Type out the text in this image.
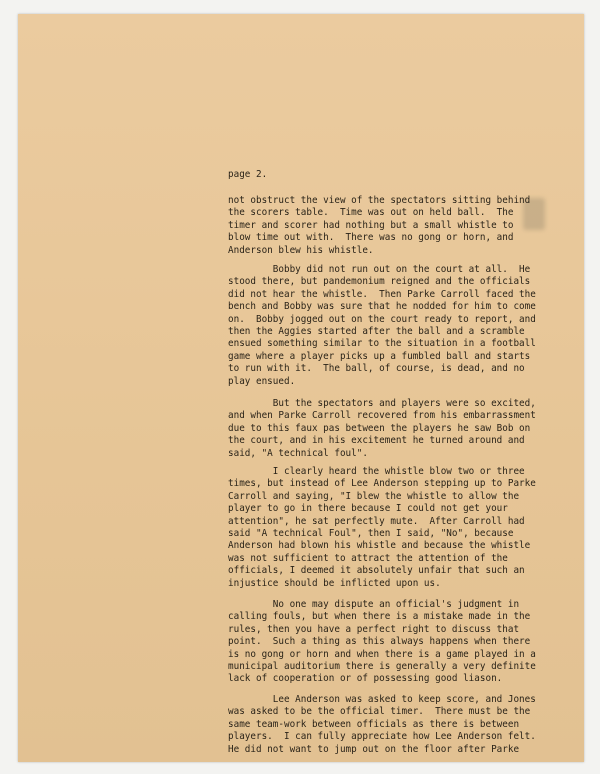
page 2.
not obstruct the view of the spectators sitting behind
the scorers table.  Time was out on held ball.  The
timer and scorer had nothing but a small whistle to
blow time out with.  There was no gong or horn, and
Anderson blew his whistle.
Bobby did not run out on the court at all.  He
stood there, but pandemonium reigned and the officials
did not hear the whistle.  Then Parke Carroll faced the
bench and Bobby was sure that he nodded for him to come
on.  Bobby jogged out on the court ready to report, and
then the Aggies started after the ball and a scramble
ensued something similar to the situation in a football
game where a player picks up a fumbled ball and starts
to run with it.  The ball, of course, is dead, and no
play ensued.
But the spectators and players were so excited,
and when Parke Carroll recovered from his embarrassment
due to this faux pas between the players he saw Bob on
the court, and in his excitement he turned around and
said, "A technical foul".
I clearly heard the whistle blow two or three
times, but instead of Lee Anderson stepping up to Parke
Carroll and saying, "I blew the whistle to allow the
player to go in there because I could not get your
attention", he sat perfectly mute.  After Carroll had
said "A technical Foul", then I said, "No", because
Anderson had blown his whistle and because the whistle
was not sufficient to attract the attention of the
officials, I deemed it absolutely unfair that such an
injustice should be inflicted upon us.
No one may dispute an official's judgment in
calling fouls, but when there is a mistake made in the
rules, then you have a perfect right to discuss that
point.  Such a thing as this always happens when there
is no gong or horn and when there is a game played in a
municipal auditorium there is generally a very definite
lack of cooperation or of possessing good liason.
Lee Anderson was asked to keep score, and Jones
was asked to be the official timer.  There must be the
same team-work between officials as there is between
players.  I can fully appreciate how Lee Anderson felt.
He did not want to jump out on the floor after Parke
